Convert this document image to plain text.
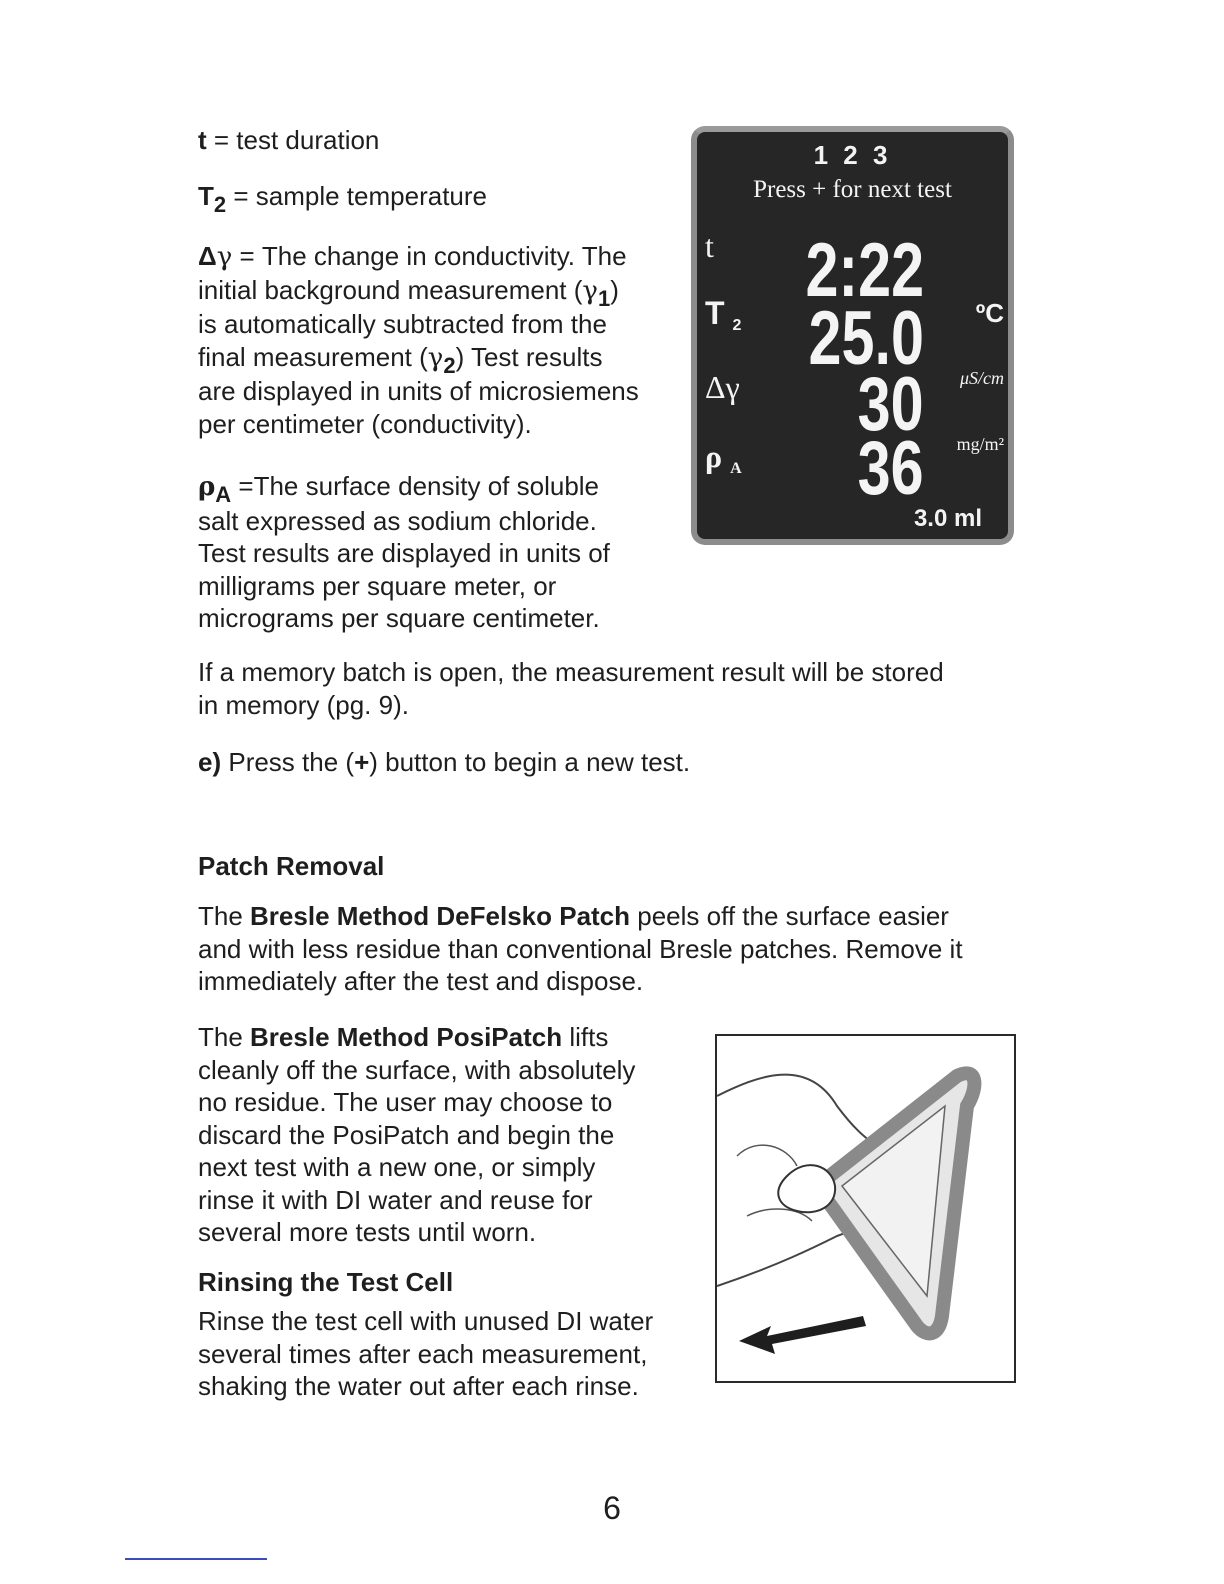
t = test duration

$T_2$ = sample temperature

Δγ = The change in conductivity. The
initial background measurement $(\gamma_1)$
is automatically subtracted from the
final measurement $(\gamma_2)$ Test results
are displayed in units of microsiemens
per centimeter (conductivity).
$\rho_A =The$ surface density of soluble
salt expressed as sodium chloride.
Test results are displayed in units of
milligrams per square meter, or
micrograms per square centimeter.
1 2 3
Press + for next test
t 2:22
T 2 25.0 ºC
Δγ 30 μS/cm
ρ A 36 mg/m²
3.0 ml
If a memory batch is open, the measurement result will be stored
in memory (pg. 9).

e) Press the (+) button to begin a new test.

Patch Removal
The Bresle Method DeFelsko Patch peels off the surface easier
and with less residue than conventional Bresle patches. Remove it
immediately after the test and dispose.
The Bresle Method PosiPatch lifts
cleanly off the surface, with absolutely
no residue. The user may choose to
discard the PosiPatch and begin the
next test with a new one, or simply
rinse it with DI water and reuse for
several more tests until worn.
Rinsing the Test Cell
Rinse the test cell with unused DI water
several times after each measurement,
shaking the water out after each rinse.
6
